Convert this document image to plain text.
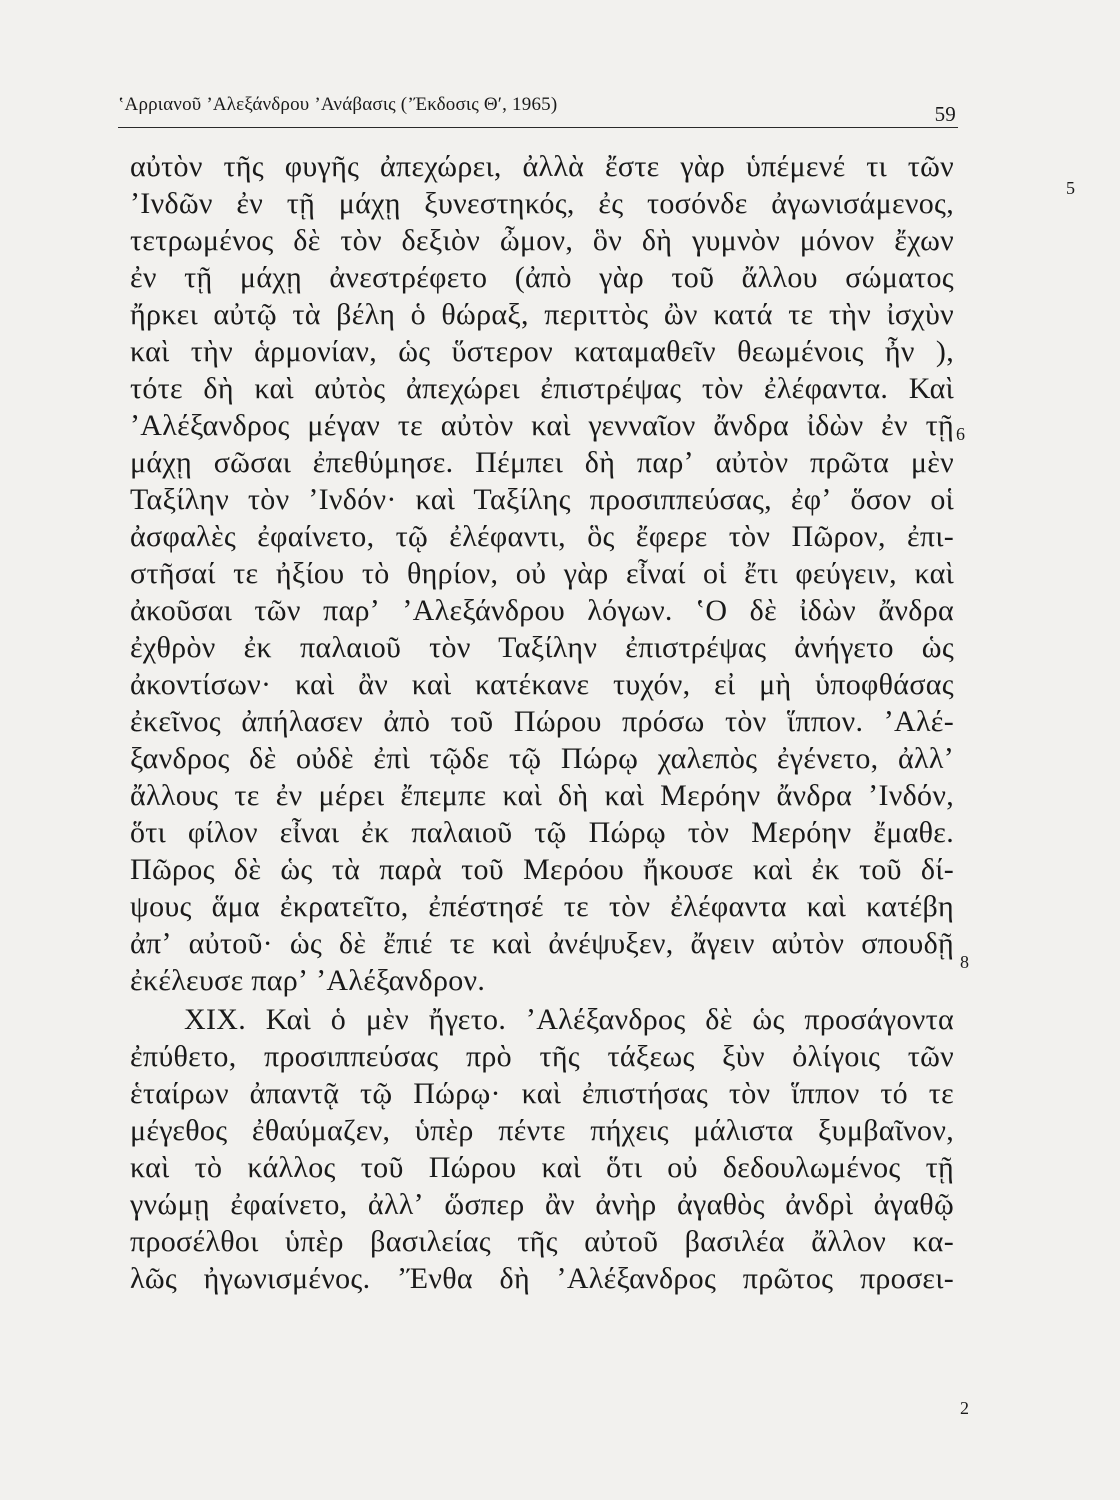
ʽΑρριανοῦ ʼΑλεξάνδρου ʼΑνάβασις (ʼΈκδοσις Θʹ, 1965)	59
αὐτὸν τῆς φυγῆς ἀπεχώρει, ἀλλὰ ἔστε γὰρ ὑπέμενέ τι τῶν
ʼΙνδῶν ἐν τῇ μάχῃ ξυνεστηκός, ἐς τοσόνδε ἀγωνισάμενος,
τετρωμένος δὲ τὸν δεξιὸν ὦμον, ὃν δὴ γυμνὸν μόνον ἔχων
ἐν τῇ μάχῃ ἀνεστρέφετο (ἀπὸ γὰρ τοῦ ἄλλου σώματος
ἤρκει αὐτῷ τὰ βέλη ὁ θώραξ, περιττὸς ὢν κατά τε τὴν ἰσχὺν
καὶ τὴν ἁρμονίαν, ὡς ὕστερον καταμαθεῖν θεωμένοις ἦν ),
τότε δὴ καὶ αὐτὸς ἀπεχώρει ἐπιστρέψας τὸν ἐλέφαντα. Καὶ
ʼΑλέξανδρος μέγαν τε αὐτὸν καὶ γενναῖον ἄνδρα ἰδὼν ἐν τῇ
μάχῃ σῶσαι ἐπεθύμησε. Πέμπει δὴ παρʼ αὐτὸν πρῶτα μὲν
Ταξίλην τὸν ʼΙνδόν· καὶ Ταξίλης προσιππεύσας, ἐφʼ ὅσον οἱ
ἀσφαλὲς ἐφαίνετο, τῷ ἐλέφαντι, ὃς ἔφερε τὸν Πῶρον, ἐπι-
στῆσαί τε ἠξίου τὸ θηρίον, οὐ γὰρ εἶναί οἱ ἔτι φεύγειν, καὶ
ἀκοῦσαι τῶν παρʼ ʼΑλεξάνδρου λόγων. ʽΟ δὲ ἰδὼν ἄνδρα
ἐχθρὸν ἐκ παλαιοῦ τὸν Ταξίλην ἐπιστρέψας ἀνήγετο ὡς
ἀκοντίσων· καὶ ἂν καὶ κατέκανε τυχόν, εἰ μὴ ὑποφθάσας
ἐκεῖνος ἀπήλασεν ἀπὸ τοῦ Πώρου πρόσω τὸν ἵππον. ʼΑλέ-
ξανδρος δὲ οὐδὲ ἐπὶ τῷδε τῷ Πώρῳ χαλεπὸς ἐγένετο, ἀλλʼ
ἄλλους τε ἐν μέρει ἔπεμπε καὶ δὴ καὶ Μερόην ἄνδρα ʼΙνδόν,
ὅτι φίλον εἶναι ἐκ παλαιοῦ τῷ Πώρῳ τὸν Μερόην ἔμαθε.
Πῶρος δὲ ὡς τὰ παρὰ τοῦ Μερόου ἤκουσε καὶ ἐκ τοῦ δί-
ψους ἅμα ἐκρατεῖτο, ἐπέστησέ τε τὸν ἐλέφαντα καὶ κατέβη
ἀπʼ αὐτοῦ· ὡς δὲ ἔπιέ τε καὶ ἀνέψυξεν, ἄγειν αὐτὸν σπουδῇ
ἐκέλευσε παρʼ ʼΑλέξανδρον.
XIX. Καὶ ὁ μὲν ἤγετο. ʼΑλέξανδρος δὲ ὡς προσάγοντα
ἐπύθετο, προσιππεύσας πρὸ τῆς τάξεως ξὺν ὀλίγοις τῶν
ἑταίρων ἀπαντᾷ τῷ Πώρῳ· καὶ ἐπιστήσας τὸν ἵππον τό τε
μέγεθος ἐθαύμαζεν, ὑπὲρ πέντε πήχεις μάλιστα ξυμβαῖνον,
καὶ τὸ κάλλος τοῦ Πώρου καὶ ὅτι οὐ δεδουλωμένος τῇ
γνώμῃ ἐφαίνετο, ἀλλʼ ὥσπερ ἂν ἀνὴρ ἀγαθὸς ἀνδρὶ ἀγαθῷ
προσέλθοι ὑπὲρ βασιλείας τῆς αὐτοῦ βασιλέα ἄλλον κα-
λῶς ἠγωνισμένος. ʼΈνθα δὴ ʼΑλέξανδρος πρῶτος προσει-
5
6
8
2
